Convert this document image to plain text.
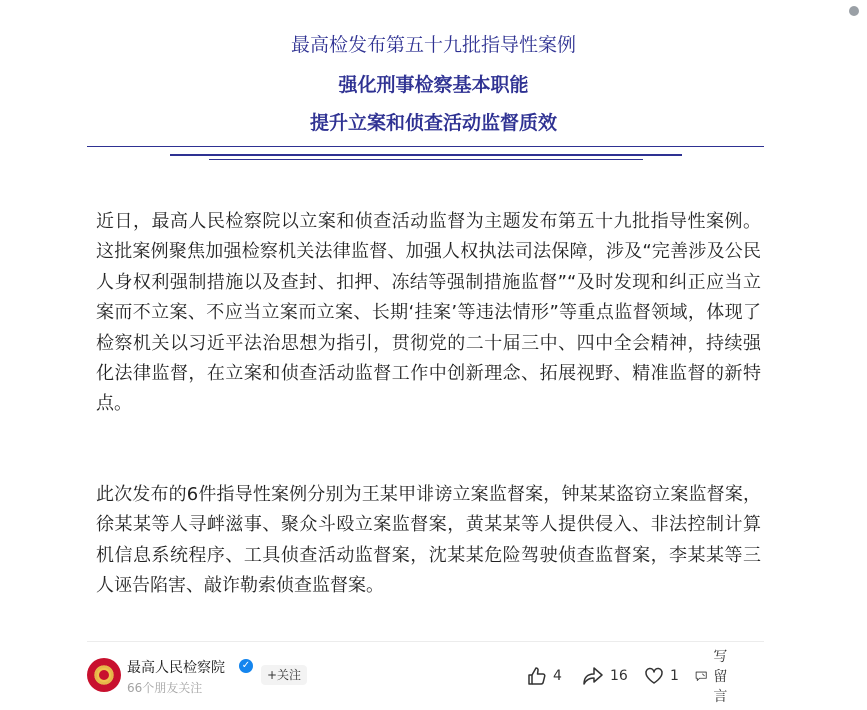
最高检发布第五十九批指导性案例
强化刑事检察基本职能
提升立案和侦查活动监督质效

近日，最高人民检察院以立案和侦查活动监督为主题发布第五十九批指导性案例。这批案例聚焦加强检察机关法律监督、加强人权执法司法保障，涉及“完善涉及公民人身权利强制措施以及查封、扣押、冻结等强制措施监督”“及时发现和纠正应当立案而不立案、不应当立案而立案、长期‘挂案’等违法情形”等重点监督领域，体现了检察机关以习近平法治思想为指引，贯彻党的二十届三中、四中全会精神，持续强化法律监督，在立案和侦查活动监督工作中创新理念、拓展视野、精准监督的新特点。

此次发布的6件指导性案例分别为王某甲诽谤立案监督案，钟某某盗窃立案监督案，徐某某等人寻衅滋事、聚众斗殴立案监督案，黄某某等人提供侵入、非法控制计算机信息系统程序、工具侦查活动监督案，沈某某危险驾驶侦查监督案，李某某等三人诬告陷害、敲诈勒索侦查监督案。

最高人民检察院 ✓
66个朋友关注
+关注	4	16	1
写留言
